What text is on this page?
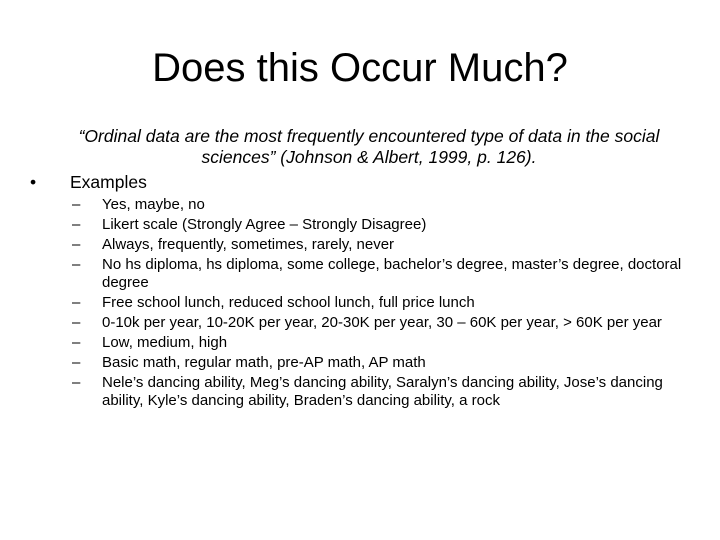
Does this Occur Much?

“Ordinal data are the most frequently encountered type of data in the social sciences” (Johnson & Albert, 1999, p. 126).

•	Examples
–	Yes, maybe, no
–	Likert scale (Strongly Agree – Strongly Disagree)
–	Always, frequently, sometimes, rarely, never
–	No hs diploma, hs diploma, some college, bachelor’s degree, master’s degree, doctoral degree
–	Free school lunch, reduced school lunch, full price lunch
–	0-10k per year, 10-20K per year, 20-30K per year, 30 – 60K per year, > 60K per year
–	Low, medium, high
–	Basic math, regular math, pre-AP math, AP math
–	Nele’s dancing ability, Meg’s dancing ability, Saralyn’s dancing ability, Jose’s dancing ability, Kyle’s dancing ability, Braden’s dancing ability, a rock
